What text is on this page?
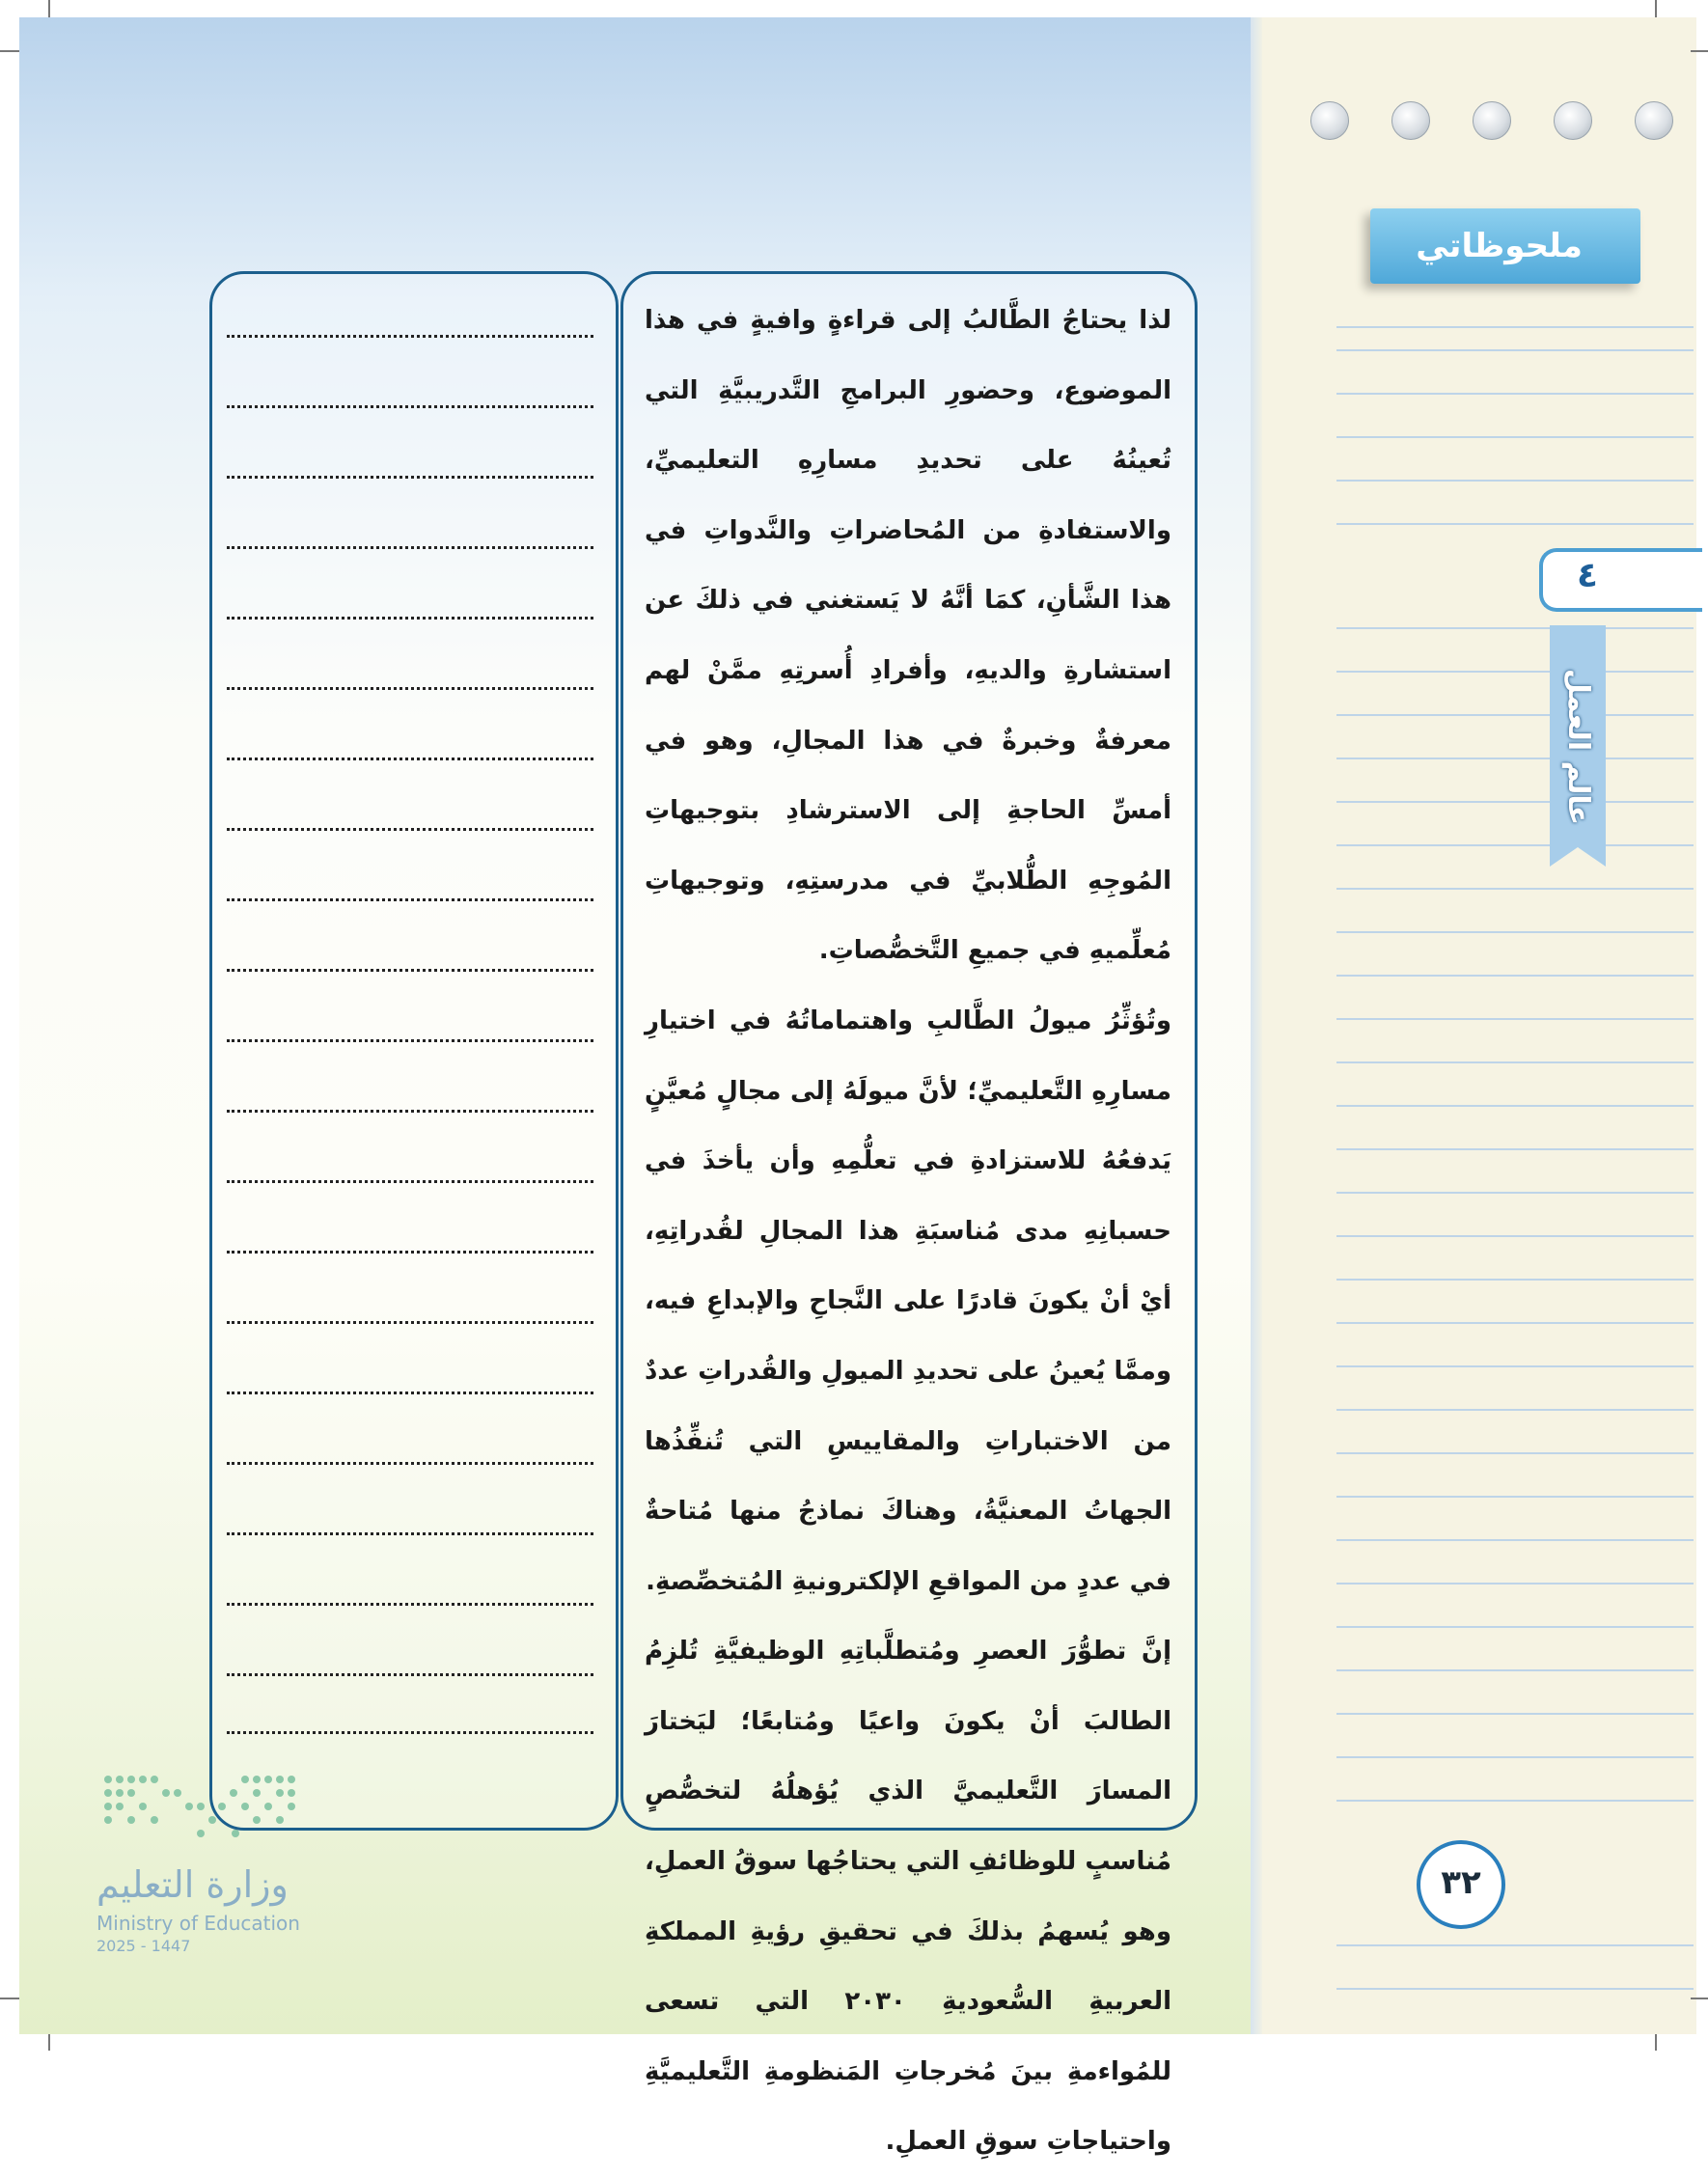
ملحوظاتي
٤
عالم العمل

لذا يحتاجُ الطَّالبُ إلى قراءةٍ وافيةٍ في هذا الموضوع، وحضورِ البرامجِ التَّدريبيَّةِ التي تُعينُهُ على تحديدِ مسارِهِ التعليميِّ، والاستفادةِ من المُحاضراتِ والنَّدواتِ في هذا الشَّأنِ، كمَا أنَّهُ لا يَستغني في ذلكَ عن استشارةِ والديهِ، وأفرادِ أُسرتِهِ ممَّنْ لهم معرفةٌ وخبرةٌ في هذا المجالِ، وهو في أمسِّ الحاجةِ إلى الاسترشادِ بتوجيهاتِ المُوجِهِ الطُّلابيِّ في مدرستِهِ، وتوجيهاتِ مُعلِّميهِ في جميعِ التَّخصُّصاتِ.

وتُؤثِّرُ ميولُ الطَّالبِ واهتماماتُهُ في اختيارِ مسارِهِ التَّعليميِّ؛ لأنَّ ميولَهُ إلى مجالٍ مُعيَّنٍ يَدفعُهُ للاستزادةِ في تعلُّمِهِ وأن يأخذَ في حسبانِهِ مدى مُناسبَةِ هذا المجالِ لقُدراتِهِ، أيْ أنْ يكونَ قادرًا على النَّجاحِ والإبداعِ فيه، وممَّا يُعينُ على تحديدِ الميولِ والقُدراتِ عددٌ من الاختباراتِ والمقاييسِ التي تُنفِّذُها الجهاتُ المعنيَّةُ، وهناكَ نماذجُ منها مُتاحةٌ في عددٍ من المواقعِ الإلكترونيةِ المُتخصِّصةِ.

إنَّ تطوُّرَ العصرِ ومُتطلَّباتِهِ الوظيفيَّةِ تُلزِمُ الطالبَ أنْ يكونَ واعيًا ومُتابعًا؛ ليَختارَ المسارَ التَّعليميَّ الذي يُؤهلُهُ لتخصُّصٍ مُناسبٍ للوظائفِ التي يحتاجُها سوقُ العملِ، وهو يُسهمُ بذلكَ في تحقيقِ رؤيةِ المملكةِ العربيةِ السُّعوديةِ ٢٠٣٠ التي تسعى للمُواءمةِ بينَ مُخرجاتِ المَنظومةِ التَّعليميَّةِ واحتياجاتِ سوقِ العملِ.

٣٢
وزارة التعليم
Ministry of Education
2025 - 1447
